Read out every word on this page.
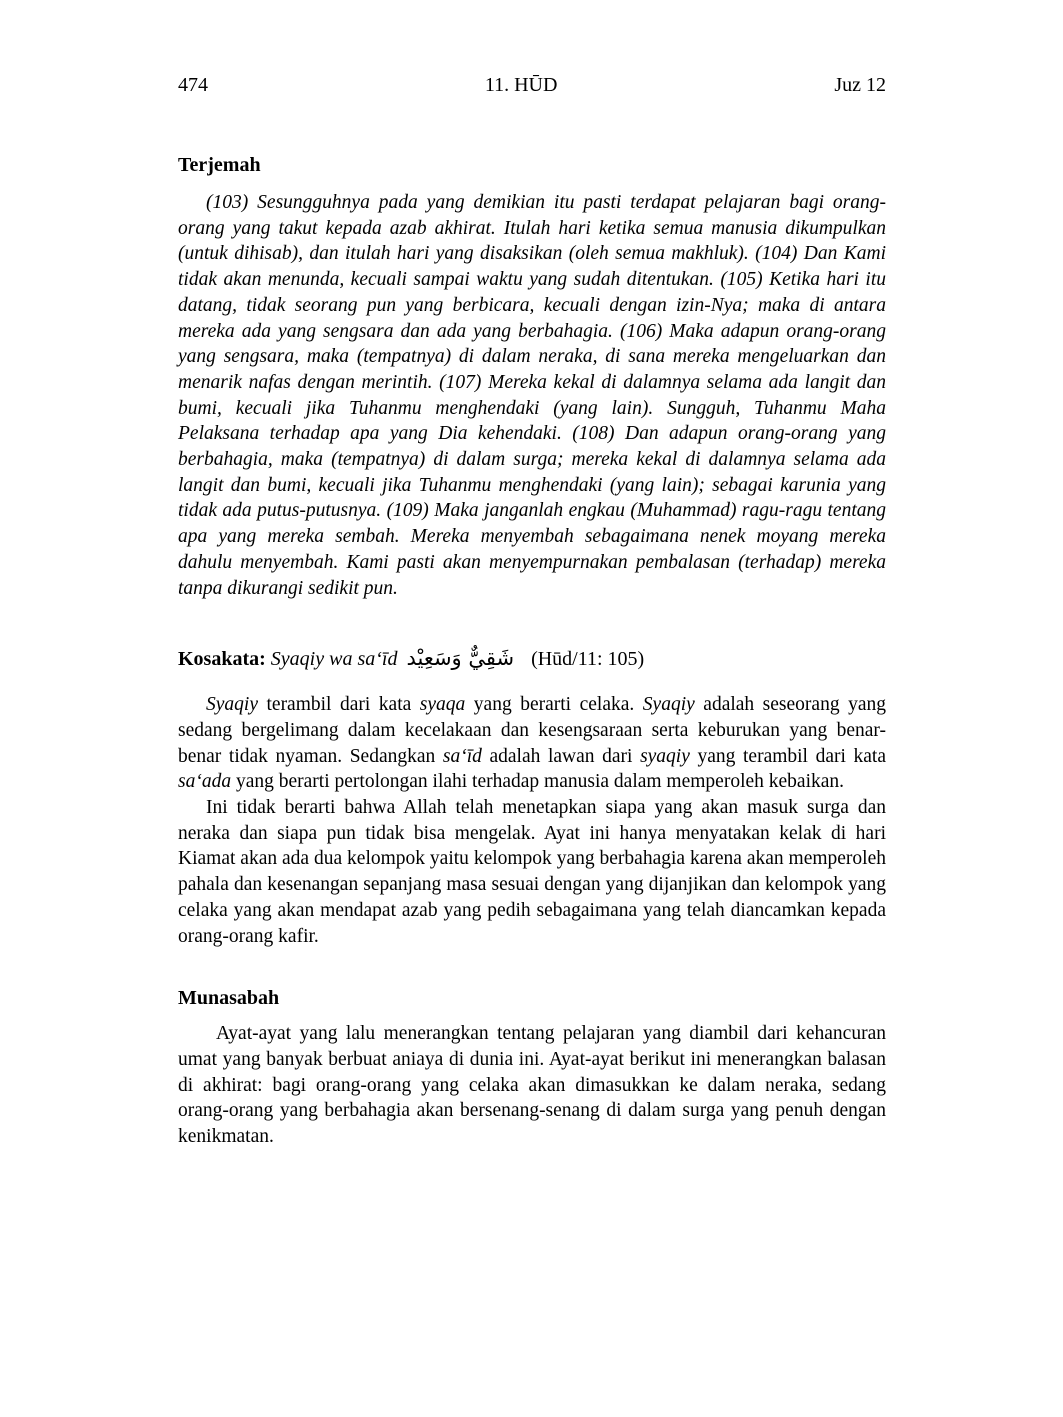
474	11. HŪD	Juz 12
Terjemah

(103) Sesungguhnya pada yang demikian itu pasti terdapat pelajaran bagi orang-orang yang takut kepada azab akhirat. Itulah hari ketika semua manusia dikumpulkan (untuk dihisab), dan itulah hari yang disaksikan (oleh semua makhluk). (104) Dan Kami tidak akan menunda, kecuali sampai waktu yang sudah ditentukan. (105) Ketika hari itu datang, tidak seorang pun yang berbicara, kecuali dengan izin-Nya; maka di antara mereka ada yang sengsara dan ada yang berbahagia. (106) Maka adapun orang-orang yang sengsara, maka (tempatnya) di dalam neraka, di sana mereka mengeluarkan dan menarik nafas dengan merintih. (107) Mereka kekal di dalamnya selama ada langit dan bumi, kecuali jika Tuhanmu menghendaki (yang lain). Sungguh, Tuhanmu Maha Pelaksana terhadap apa yang Dia kehendaki. (108) Dan adapun orang-orang yang berbahagia, maka (tempatnya) di dalam surga; mereka kekal di dalamnya selama ada langit dan bumi, kecuali jika Tuhanmu menghendaki (yang lain); sebagai karunia yang tidak ada putus-putusnya. (109) Maka janganlah engkau (Muhammad) ragu-ragu tentang apa yang mereka sembah. Mereka menyembah sebagaimana nenek moyang mereka dahulu menyembah. Kami pasti akan menyempurnakan pembalasan (terhadap) mereka tanpa dikurangi sedikit pun.

Kosakata: Syaqiy wa sa‘īd شَقِيٌّ وَسَعِيْد (Hūd/11: 105)

Syaqiy terambil dari kata syaqa yang berarti celaka. Syaqiy adalah seseorang yang sedang bergelimang dalam kecelakaan dan kesengsaraan serta keburukan yang benar-benar tidak nyaman. Sedangkan sa‘īd adalah lawan dari syaqiy yang terambil dari kata sa‘ada yang berarti pertolongan ilahi terhadap manusia dalam memperoleh kebaikan.

Ini tidak berarti bahwa Allah telah menetapkan siapa yang akan masuk surga dan neraka dan siapa pun tidak bisa mengelak. Ayat ini hanya menyatakan kelak di hari Kiamat akan ada dua kelompok yaitu kelompok yang berbahagia karena akan memperoleh pahala dan kesenangan sepanjang masa sesuai dengan yang dijanjikan dan kelompok yang celaka yang akan mendapat azab yang pedih sebagaimana yang telah diancamkan kepada orang-orang kafir.

Munasabah

Ayat-ayat yang lalu menerangkan tentang pelajaran yang diambil dari kehancuran umat yang banyak berbuat aniaya di dunia ini. Ayat-ayat berikut ini menerangkan balasan di akhirat: bagi orang-orang yang celaka akan dimasukkan ke dalam neraka, sedang orang-orang yang berbahagia akan bersenang-senang di dalam surga yang penuh dengan kenikmatan.
